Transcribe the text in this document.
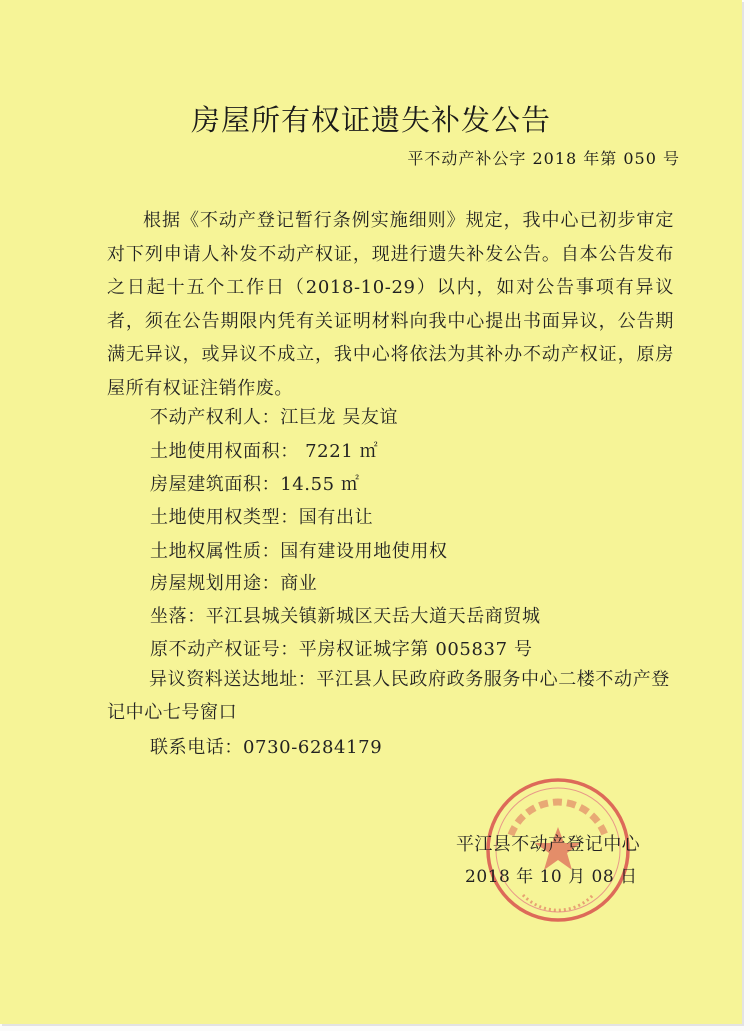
房屋所有权证遗失补发公告
平不动产补公字 2018 年第 050 号
根据《不动产登记暂行条例实施细则》规定，我中心已初步审定对下列申请人补发不动产权证，现进行遗失补发公告。自本公告发布之日起十五个工作日（2018-10-29）以内，如对公告事项有异议者，须在公告期限内凭有关证明材料向我中心提出书面异议，公告期满无异议，或异议不成立，我中心将依法为其补办不动产权证，原房屋所有权证注销作废。
不动产权利人：江巨龙 吴友谊
土地使用权面积： 7221 ㎡
房屋建筑面积：14.55 ㎡
土地使用权类型：国有出让
土地权属性质：国有建设用地使用权
房屋规划用途：商业
坐落：平江县城关镇新城区天岳大道天岳商贸城
原不动产权证号：平房权证城字第 005837 号
异议资料送达地址：平江县人民政府政务服务中心二楼不动产登记中心七号窗口
联系电话：0730-6284179
平江县不动产登记中心
2018 年 10 月 08 日
